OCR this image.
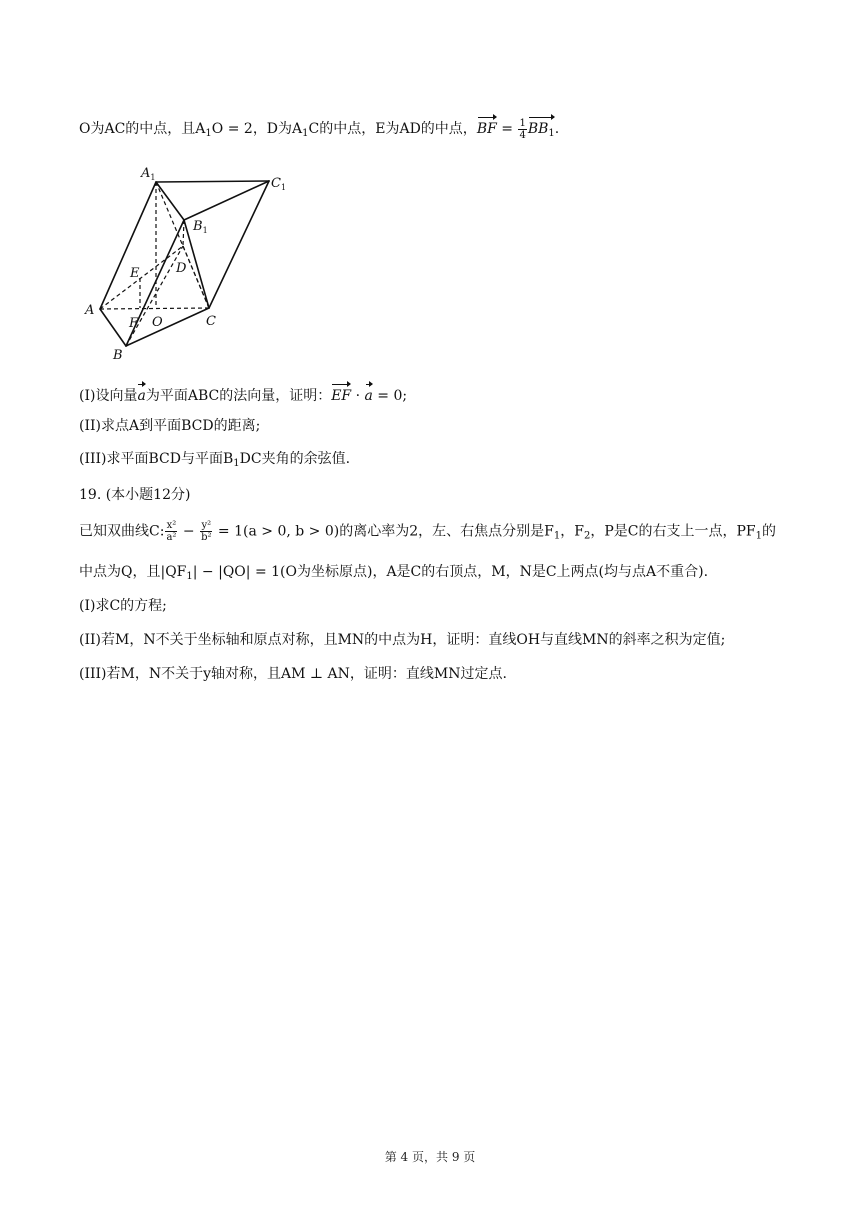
O为AC的中点，且$A_1O = 2$，D为$A_1C$的中点，E为AD的中点，BF = $\frac{1}{4} BB_1$.
$A_1$	$C_1$
$B_1$
E	D
A
F O	C
B
(I)设向量a为平面ABC的法向量，证明：EF · a = 0;
(II)求点A到平面BCD的距离;
(III)求平面BCD与平面$B_1DC$夹角的余弦值.
19. (本小题12分)
已知双曲线C: $\frac{\text{x²}}{\text{a²}} - \frac{\text{y²}}{\text{b²}} = 1(a > 0$, b > 0)的离心率为2，左、右焦点分别是$F_1$，$F_2$，P是C的右支上一点，$PF_1$的
中点为Q，且$|QF_1| - |QO| = 1(O$为坐标原点)，A是C的右顶点，M，N是C上两点(均与点A不重合).
(I)求C的方程;
(II)若M，N不关于坐标轴和原点对称，且MN的中点为H，证明：直线OH与直线MN的斜率之积为定值;
(III)若M，N不关于y轴对称，且AM ⊥ AN，证明：直线MN过定点.
第 4 页，共 9 页
